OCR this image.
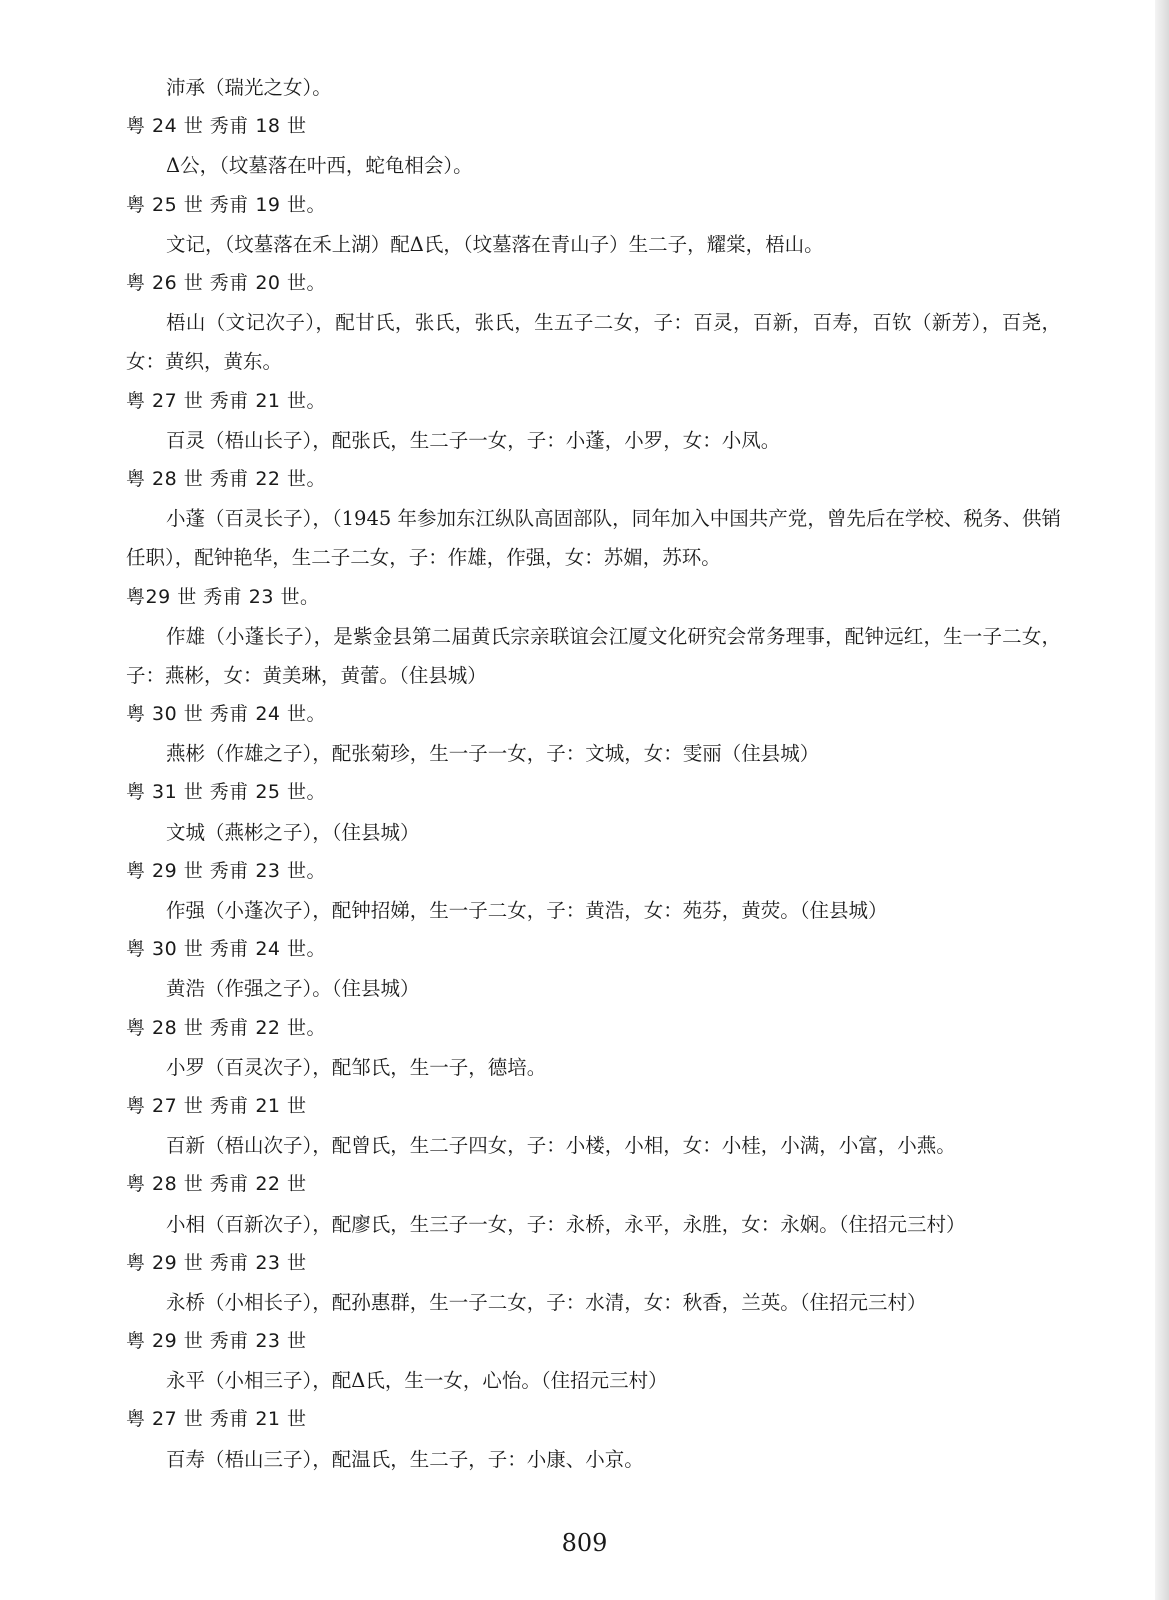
沛承（瑞光之女）。
粤 24 世 秀甫 18 世
Δ公，（坟墓落在叶西，蛇龟相会）。
粤 25 世 秀甫 19 世。
文记，（坟墓落在禾上湖）配Δ氏，（坟墓落在青山子）生二子，耀棠，梧山。
粤 26 世 秀甫 20 世。
梧山（文记次子），配甘氏，张氏，张氏，生五子二女，子：百灵，百新，百寿，百钦（新芳），百尧，女：黄织，黄东。
粤 27 世 秀甫 21 世。
百灵（梧山长子），配张氏，生二子一女，子：小蓬，小罗，女：小凤。
粤 28 世 秀甫 22 世。
小蓬（百灵长子），（1945 年参加东江纵队高固部队，同年加入中国共产党，曾先后在学校、税务、供销任职），配钟艳华，生二子二女，子：作雄，作强，女：苏媚，苏环。
粤29 世 秀甫 23 世。
作雄（小蓬长子），是紫金县第二届黄氏宗亲联谊会江厦文化研究会常务理事，配钟远红，生一子二女，子：燕彬，女：黄美琳，黄蕾。（住县城）
粤 30 世 秀甫 24 世。
燕彬（作雄之子），配张菊珍，生一子一女，子：文城，女：雯丽（住县城）
粤 31 世 秀甫 25 世。
文城（燕彬之子），（住县城）
粤 29 世 秀甫 23 世。
作强（小蓬次子），配钟招娣，生一子二女，子：黄浩，女：苑芬，黄荧。（住县城）
粤 30 世 秀甫 24 世。
黄浩（作强之子）。（住县城）
粤 28 世 秀甫 22 世。
小罗（百灵次子），配邹氏，生一子，德培。
粤 27 世 秀甫 21 世
百新（梧山次子），配曾氏，生二子四女，子：小楼，小相，女：小桂，小满，小富，小燕。
粤 28 世 秀甫 22 世
小相（百新次子），配廖氏，生三子一女，子：永桥，永平，永胜，女：永娴。（住招元三村）
粤 29 世 秀甫 23 世
永桥（小相长子），配孙惠群，生一子二女，子：水清，女：秋香，兰英。（住招元三村）
粤 29 世 秀甫 23 世
永平（小相三子），配Δ氏，生一女，心怡。（住招元三村）
粤 27 世 秀甫 21 世
百寿（梧山三子），配温氏，生二子，子：小康、小京。
809
